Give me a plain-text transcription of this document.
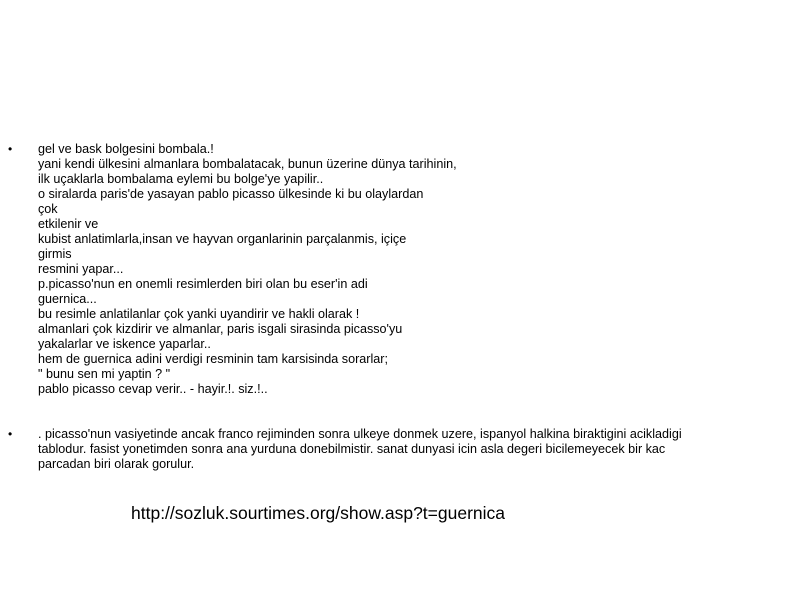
•	gel ve bask bolgesini bombala.!
yani kendi ülkesini almanlara bombalatacak, bunun üzerine dünya tarihinin,
ilk uçaklarla bombalama eylemi bu bolge'ye yapilir..
o siralarda paris'de yasayan pablo picasso ülkesinde ki bu olaylardan
çok
etkilenir ve
kubist anlatimlarla,insan ve hayvan organlarinin parçalanmis, içiçe
girmis
resmini yapar...
p.picasso'nun en onemli resimlerden biri olan bu eser'in adi
guernica...
bu resimle anlatilanlar çok yanki uyandirir ve hakli olarak !
almanlari çok kizdirir ve almanlar, paris isgali sirasinda picasso'yu
yakalarlar ve iskence yaparlar..
hem de guernica adini verdigi resminin tam karsisinda sorarlar;
" bunu sen mi yaptin ? "
pablo picasso cevap verir.. - hayir.!. siz.!..
•	. picasso'nun vasiyetinde ancak franco rejiminden sonra ulkeye donmek uzere, ispanyol halkina biraktigini acikladigi tablodur. fasist yonetimden sonra ana yurduna donebilmistir. sanat dunyasi icin asla degeri bicilemeyecek bir kac parcadan biri olarak gorulur.
http://sozluk.sourtimes.org/show.asp?t=guernica
